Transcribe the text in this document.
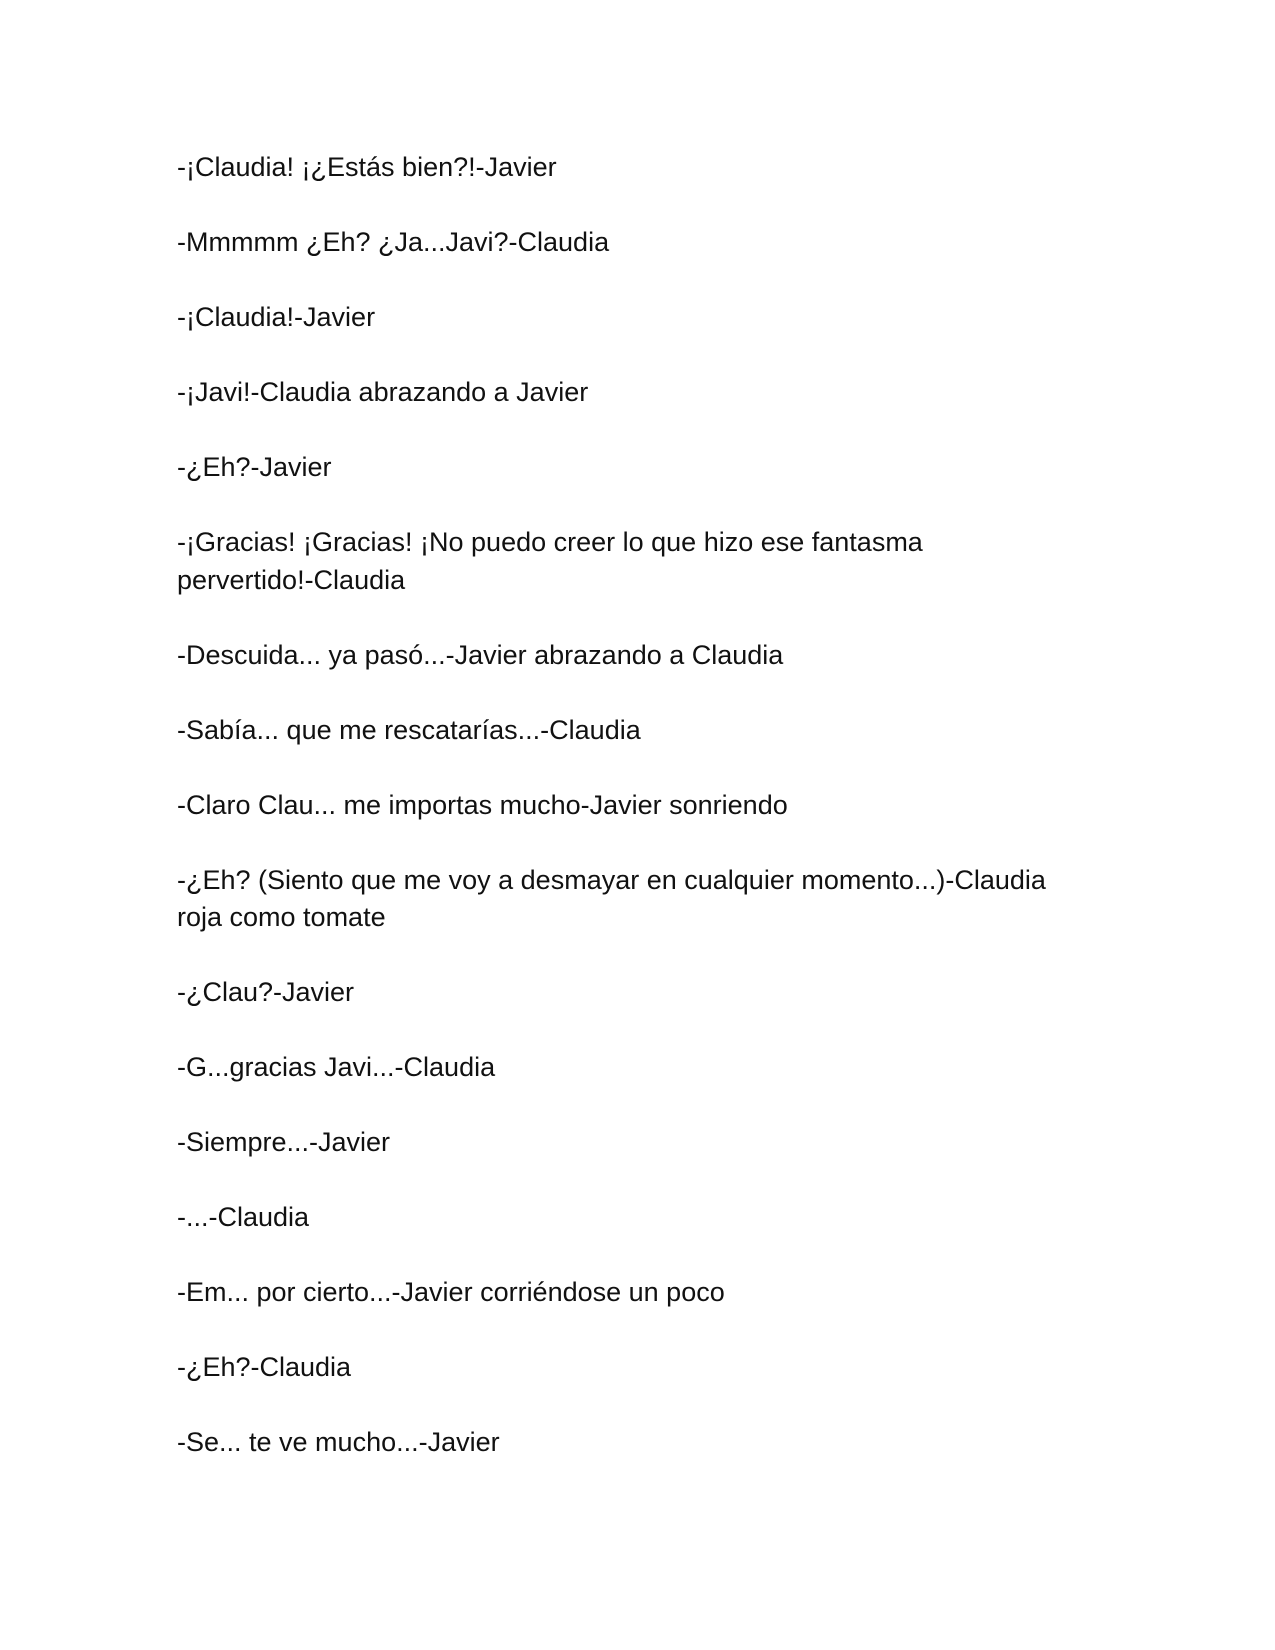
-¡Claudia! ¡¿Estás bien?!-Javier

-Mmmmm ¿Eh? ¿Ja...Javi?-Claudia

-¡Claudia!-Javier

-¡Javi!-Claudia abrazando a Javier

-¿Eh?-Javier

-¡Gracias! ¡Gracias! ¡No puedo creer lo que hizo ese fantasma pervertido!-Claudia

-Descuida... ya pasó...-Javier abrazando a Claudia

-Sabía... que me rescatarías...-Claudia

-Claro Clau... me importas mucho-Javier sonriendo

-¿Eh? (Siento que me voy a desmayar en cualquier momento...)-Claudia roja como tomate

-¿Clau?-Javier

-G...gracias Javi...-Claudia

-Siempre...-Javier

-...-Claudia

-Em... por cierto...-Javier corriéndose un poco

-¿Eh?-Claudia

-Se... te ve mucho...-Javier
